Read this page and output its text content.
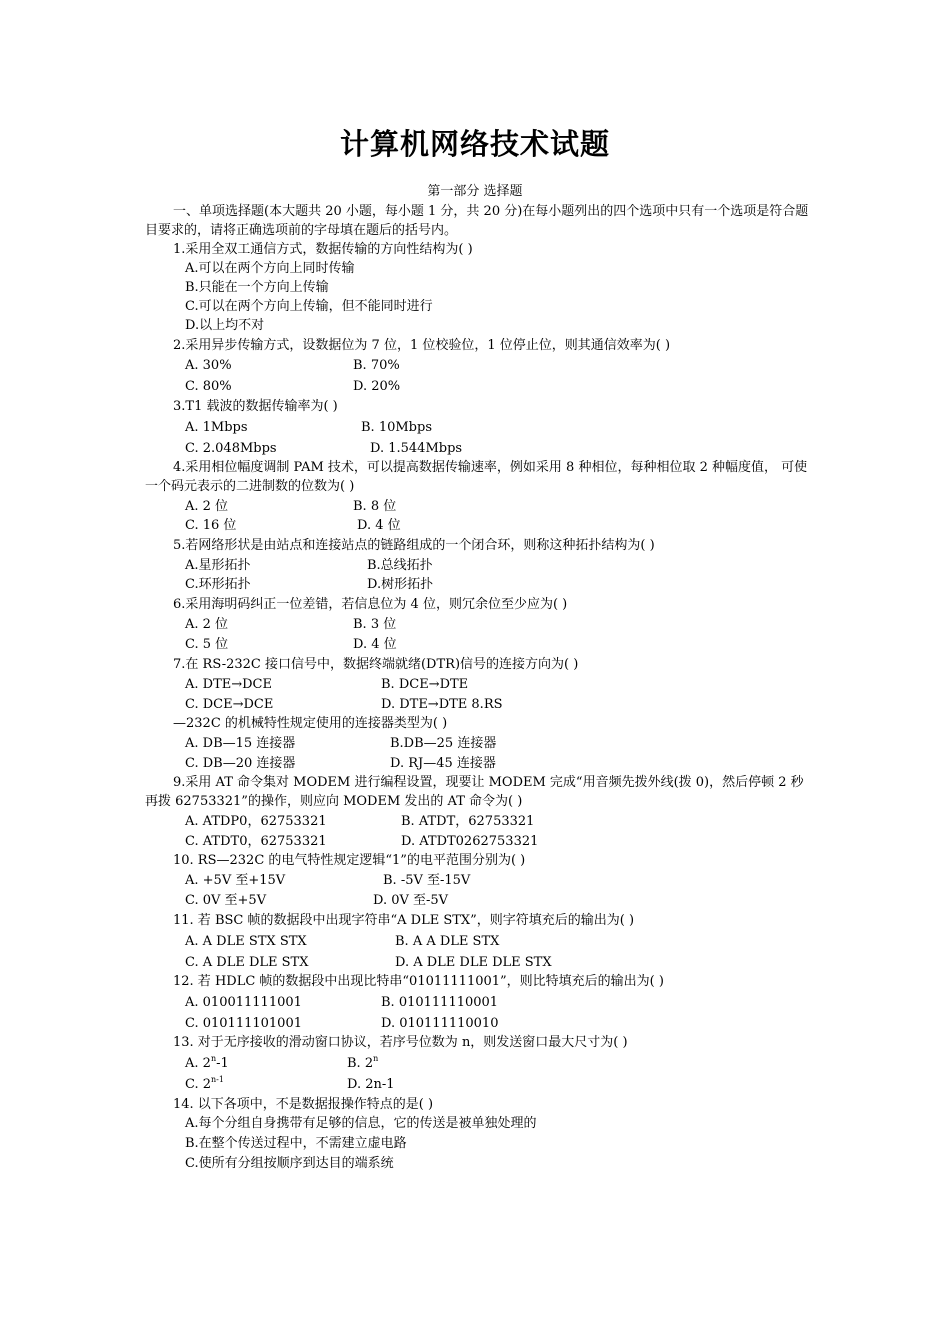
计算机网络技术试题
第一部分 选择题
一、单项选择题(本大题共 20 小题，每小题 1 分，共 20 分)在每小题列出的四个选项中只有一个选项是符合题目要求的，请将正确选项前的字母填在题后的括号内。
1.采用全双工通信方式，数据传输的方向性结构为( )
A.可以在两个方向上同时传输
B.只能在一个方向上传输
C.可以在两个方向上传输，但不能同时进行
D.以上均不对
2.采用异步传输方式，设数据位为 7 位，1 位校验位，1 位停止位，则其通信效率为( )
A. 30%	B. 70%
C. 80%	D. 20%
3.T1 载波的数据传输率为( )
A. 1Mbps	B. 10Mbps
C. 2.048Mbps	D. 1.544Mbps
4.采用相位幅度调制 PAM 技术，可以提高数据传输速率，例如采用 8 种相位，每种相位取 2 种幅度值， 可使一个码元表示的二进制数的位数为( )
A. 2 位	B. 8 位
C. 16 位	D. 4 位
5.若网络形状是由站点和连接站点的链路组成的一个闭合环，则称这种拓扑结构为( )
A.星形拓扑	B.总线拓扑
C.环形拓扑	D.树形拓扑
6.采用海明码纠正一位差错，若信息位为 4 位，则冗余位至少应为( )
A. 2 位	B. 3 位
C. 5 位	D. 4 位
7.在 RS-232C 接口信号中，数据终端就绪(DTR)信号的连接方向为( )
A. DTE→DCE	B. DCE→DTE
C. DCE→DCE	D. DTE→DTE 8.RS
—232C 的机械特性规定使用的连接器类型为( )
A. DB—15 连接器	B.DB—25 连接器
C. DB—20 连接器	D. RJ—45 连接器
9.采用 AT 命令集对 MODEM 进行编程设置，现要让 MODEM 完成“用音频先拨外线(拨 0)，然后停顿 2 秒再拨 62753321”的操作，则应向 MODEM 发出的 AT 命令为( )
A. ATDP0，62753321	B. ATDT，62753321
C. ATDT0，62753321	D. ATDT0262753321
10. RS—232C 的电气特性规定逻辑“1”的电平范围分别为( )
A. +5V 至+15V	B. -5V 至-15V
C. 0V 至+5V	D. 0V 至-5V
11. 若 BSC 帧的数据段中出现字符串“A DLE STX”，则字符填充后的输出为( )
A. A DLE STX STX	B. A A DLE STX
C. A DLE DLE STX	D. A DLE DLE DLE STX
12. 若 HDLC 帧的数据段中出现比特串“01011111001”，则比特填充后的输出为( )
A. 010011111001	B. 010111110001
C. 010111101001	D. 010111110010
13. 对于无序接收的滑动窗口协议，若序号位数为 n，则发送窗口最大尺寸为( )
A. 2$^n$-1	B. 2$^n$
C. 2$^{n-1}$	D. 2n-1
14. 以下各项中，不是数据报操作特点的是( )
A.每个分组自身携带有足够的信息，它的传送是被单独处理的
B.在整个传送过程中，不需建立虚电路
C.使所有分组按顺序到达目的端系统
